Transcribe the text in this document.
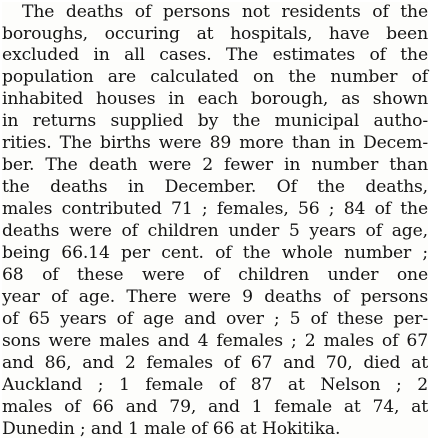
The deaths of persons not residents of the
boroughs, occuring at hospitals, have been
excluded in all cases. The estimates of the
population are calculated on the number of
inhabited houses in each borough, as shown
in returns supplied by the municipal autho-
rities. The births were 89 more than in Decem-
ber. The death were 2 fewer in number than
the deaths in December. Of the deaths,
males contributed 71 ; females, 56 ; 84 of the
deaths were of children under 5 years of age,
being 66.14 per cent. of the whole number ;
68 of these were of children under one
year of age. There were 9 deaths of persons
of 65 years of age and over ; 5 of these per-
sons were males and 4 females ; 2 males of 67
and 86, and 2 females of 67 and 70, died at
Auckland ; 1 female of 87 at Nelson ; 2
males of 66 and 79, and 1 female at 74, at
Dunedin ; and 1 male of 66 at Hokitika.
